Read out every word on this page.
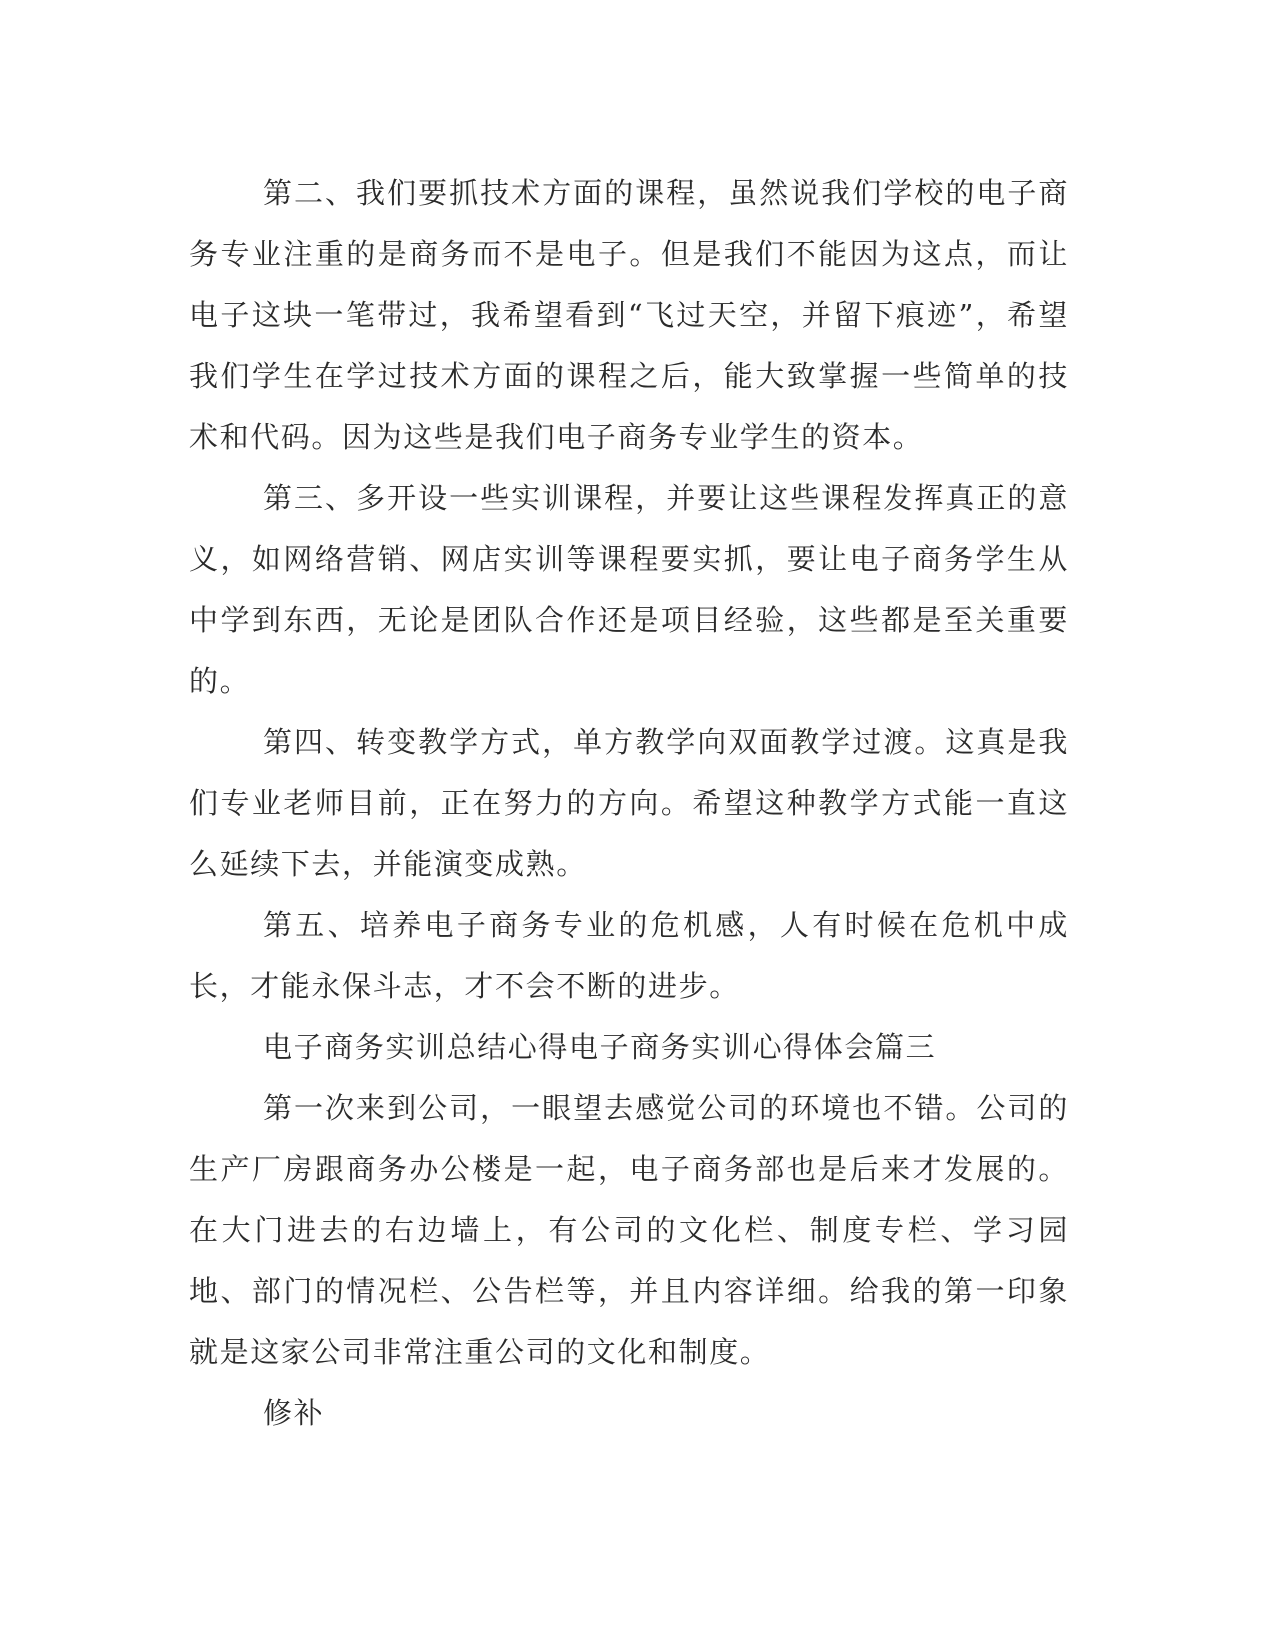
第二、我们要抓技术方面的课程，虽然说我们学校的电子商务专业注重的是商务而不是电子。但是我们不能因为这点，而让电子这块一笔带过，我希望看到“飞过天空，并留下痕迹”，希望我们学生在学过技术方面的课程之后，能大致掌握一些简单的技术和代码。因为这些是我们电子商务专业学生的资本。

第三、多开设一些实训课程，并要让这些课程发挥真正的意义，如网络营销、网店实训等课程要实抓，要让电子商务学生从中学到东西，无论是团队合作还是项目经验，这些都是至关重要的。

第四、转变教学方式，单方教学向双面教学过渡。这真是我们专业老师目前，正在努力的方向。希望这种教学方式能一直这么延续下去，并能演变成熟。

第五、培养电子商务专业的危机感，人有时候在危机中成长，才能永保斗志，才不会不断的进步。

电子商务实训总结心得电子商务实训心得体会篇三

第一次来到公司，一眼望去感觉公司的环境也不错。公司的生产厂房跟商务办公楼是一起，电子商务部也是后来才发展的。在大门进去的右边墙上，有公司的文化栏、制度专栏、学习园地、部门的情况栏、公告栏等，并且内容详细。给我的第一印象就是这家公司非常注重公司的文化和制度。

修补
